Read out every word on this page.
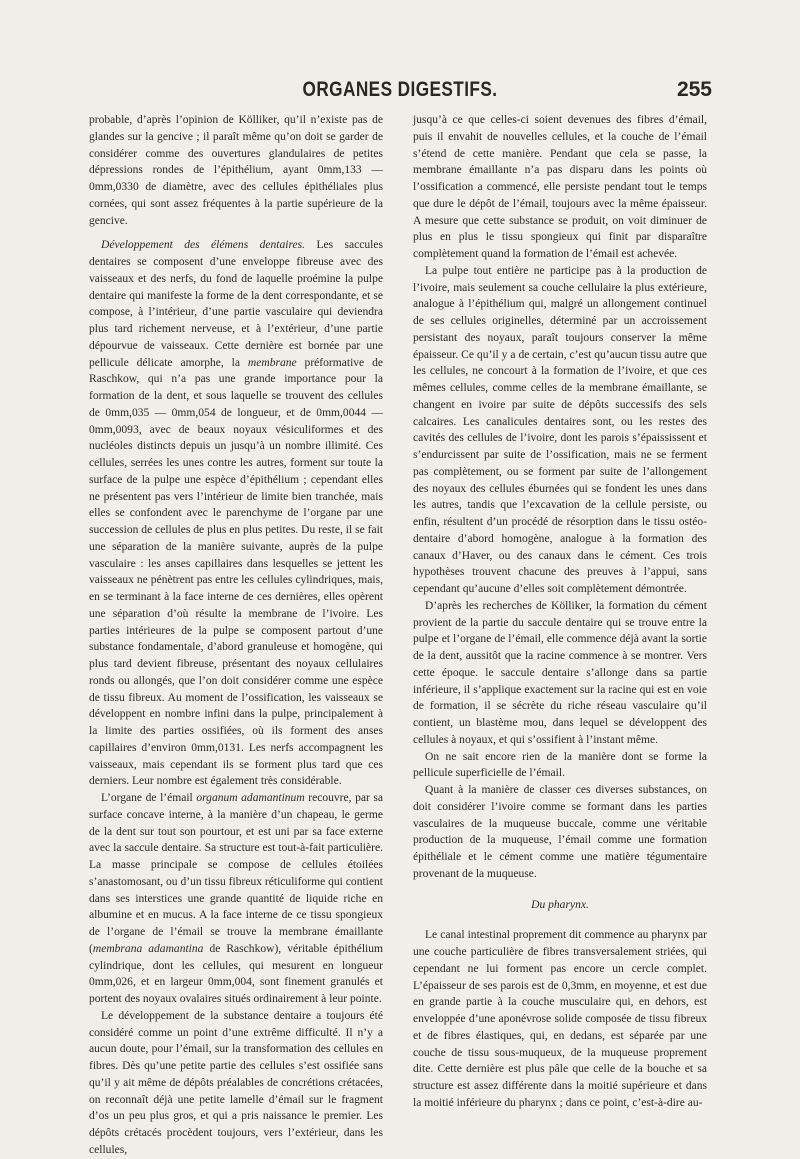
ORGANES DIGESTIFS.	255

probable, d’après l’opinion de Kölliker, qu’il n’existe pas de glandes sur la gencive ; il paraît même qu’on doit se garder de considérer comme des ouvertures glandulaires de petites dépressions rondes de l’épithélium, ayant 0mm,133 — 0mm,0330 de diamètre, avec des cellules épithéliales plus cornées, qui sont assez fréquentes à la partie supérieure de la gencive.

Développement des élémens dentaires. Les saccules dentaires se composent d’une enveloppe fibreuse avec des vaisseaux et des nerfs, du fond de laquelle proémine la pulpe dentaire qui manifeste la forme de la dent correspondante, et se compose, à l’intérieur, d’une partie vasculaire qui deviendra plus tard richement nerveuse, et à l’extérieur, d’une partie dépourvue de vaisseaux. Cette dernière est bornée par une pellicule délicate amorphe, la membrane préformative de Raschkow, qui n’a pas une grande importance pour la formation de la dent, et sous laquelle se trouvent des cellules de 0mm,035 — 0mm,054 de longueur, et de 0mm,0044 — 0mm,0093, avec de beaux noyaux vésiculiformes et des nucléoles distincts depuis un jusqu’à un nombre illimité. Ces cellules, serrées les unes contre les autres, forment sur toute la surface de la pulpe une espèce d’épithélium ; cependant elles ne présentent pas vers l’intérieur de limite bien tranchée, mais elles se confondent avec le parenchyme de l’organe par une succession de cellules de plus en plus petites. Du reste, il se fait une séparation de la manière suivante, auprès de la pulpe vasculaire : les anses capillaires dans lesquelles se jettent les vaisseaux ne pénètrent pas entre les cellules cylindriques, mais, en se terminant à la face interne de ces dernières, elles opèrent une séparation d’où résulte la membrane de l’ivoire. Les parties intérieures de la pulpe se composent partout d’une substance fondamentale, d’abord granuleuse et homogène, qui plus tard devient fibreuse, présentant des noyaux cellulaires ronds ou allongés, que l’on doit considérer comme une espèce de tissu fibreux. Au moment de l’ossification, les vaisseaux se développent en nombre infini dans la pulpe, principalement à la limite des parties ossifiées, où ils forment des anses capillaires d’environ 0mm,0131. Les nerfs accompagnent les vaisseaux, mais cependant ils se forment plus tard que ces derniers. Leur nombre est également très considérable.

L’organe de l’émail organum adamantinum recouvre, par sa surface concave interne, à la manière d’un chapeau, le germe de la dent sur tout son pourtour, et est uni par sa face externe avec la saccule dentaire. Sa structure est tout-à-fait particulière. La masse principale se compose de cellules étoilées s’anastomosant, ou d’un tissu fibreux réticuliforme qui contient dans ses interstices une grande quantité de liquide riche en albumine et en mucus. A la face interne de ce tissu spongieux de l’organe de l’émail se trouve la membrane émaillante (membrana adamantina de Raschkow), véritable épithélium cylindrique, dont les cellules, qui mesurent en longueur 0mm,026, et en largeur 0mm,004, sont finement granulés et portent des noyaux ovalaires situés ordinairement à leur pointe.

Le développement de la substance dentaire a toujours été considéré comme un point d’une extrême difficulté. Il n’y a aucun doute, pour l’émail, sur la transformation des cellules en fibres. Dès qu’une petite partie des cellules s’est ossifiée sans qu’il y ait même de dépôts préalables de concrétions crétacées, on reconnaît déjà une petite lamelle d’émail sur le fragment d’os un peu plus gros, et qui a pris naissance le premier. Les dépôts crétacés procèdent toujours, vers l’extérieur, dans les cellules,

jusqu’à ce que celles-ci soient devenues des fibres d’émail, puis il envahit de nouvelles cellules, et la couche de l’émail s’étend de cette manière. Pendant que cela se passe, la membrane émaillante n’a pas disparu dans les points où l’ossification a commencé, elle persiste pendant tout le temps que dure le dépôt de l’émail, toujours avec la même épaisseur. A mesure que cette substance se produit, on voit diminuer de plus en plus le tissu spongieux qui finit par disparaître complètement quand la formation de l’émail est achevée.

La pulpe tout entière ne participe pas à la production de l’ivoire, mais seulement sa couche cellulaire la plus extérieure, analogue à l’épithélium qui, malgré un allongement continuel de ses cellules originelles, déterminé par un accroissement persistant des noyaux, paraît toujours conserver la même épaisseur. Ce qu’il y a de certain, c’est qu’aucun tissu autre que les cellules, ne concourt à la formation de l’ivoire, et que ces mêmes cellules, comme celles de la membrane émaillante, se changent en ivoire par suite de dépôts successifs des sels calcaires. Les canalicules dentaires sont, ou les restes des cavités des cellules de l’ivoire, dont les parois s’épaississent et s’endurcissent par suite de l’ossification, mais ne se ferment pas complètement, ou se forment par suite de l’allongement des noyaux des cellules éburnées qui se fondent les unes dans les autres, tandis que l’excavation de la cellule persiste, ou enfin, résultent d’un procédé de résorption dans le tissu ostéo-dentaire d’abord homogène, analogue à la formation des canaux d’Haver, ou des canaux dans le cément. Ces trois hypothèses trouvent chacune des preuves à l’appui, sans cependant qu’aucune d’elles soit complètement démontrée.

D’après les recherches de Kölliker, la formation du cément provient de la partie du saccule dentaire qui se trouve entre la pulpe et l’organe de l’émail, elle commence déjà avant la sortie de la dent, aussitôt que la racine commence à se montrer. Vers cette époque. le saccule dentaire s’allonge dans sa partie inférieure, il s’applique exactement sur la racine qui est en voie de formation, il se sécrète du riche réseau vasculaire qu’il contient, un blastème mou, dans lequel se développent des cellules à noyaux, et qui s’ossifient à l’instant même.

On ne sait encore rien de la manière dont se forme la pellicule superficielle de l’émail.

Quant à la manière de classer ces diverses substances, on doit considérer l’ivoire comme se formant dans les parties vasculaires de la muqueuse buccale, comme une véritable production de la muqueuse, l’émail comme une formation épithéliale et le cément comme une matière tégumentaire provenant de la muqueuse.

Du pharynx.

Le canal intestinal proprement dit commence au pharynx par une couche particulière de fibres transversalement striées, qui cependant ne lui forment pas encore un cercle complet. L’épaisseur de ses parois est de 0,3mm, en moyenne, et est due en grande partie à la couche musculaire qui, en dehors, est enveloppée d’une aponévrose solide composée de tissu fibreux et de fibres élastiques, qui, en dedans, est séparée par une couche de tissu sous-muqueux, de la muqueuse proprement dite. Cette dernière est plus pâle que celle de la bouche et sa structure est assez différente dans la moitié supérieure et dans la moitié inférieure du pharynx ; dans ce point, c’est-à-dire au-
